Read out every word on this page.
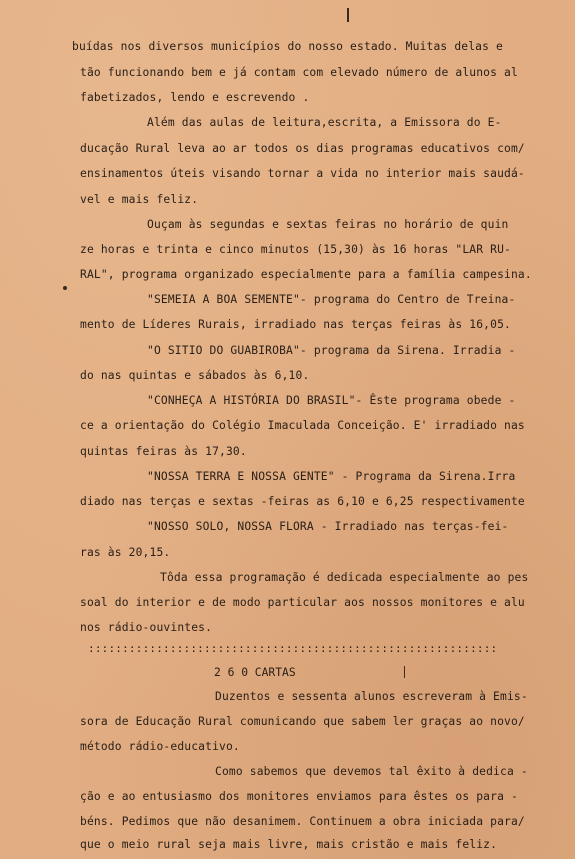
buídas nos diversos municípios do nosso estado. Muitas delas e
tão funcionando bem e já contam com elevado número de alunos al
fabetizados, lendo e escrevendo .
Além das aulas de leitura,escrita, a Emissora do E-
ducação Rural leva ao ar todos os dias programas educativos com/
ensinamentos úteis visando tornar a vida no interior mais saudá-
vel e mais feliz.
Ouçam às segundas e sextas feiras no horário de quin
ze horas e trinta e cinco minutos (15,30) às 16 horas "LAR RU-
RAL", programa organizado especialmente para a família campesina.
"SEMEIA A BOA SEMENTE"- programa do Centro de Treina-
mento de Líderes Rurais, irradiado nas terças feiras às 16,05.
"O SITIO DO GUABIROBA"- programa da Sirena. Irradia -
do nas quintas e sábados às 6,10.
"CONHEÇA A HISTÓRIA DO BRASIL"- Êste programa obede -
ce a orientação do Colégio Imaculada Conceição. E' irradiado nas
quintas feiras às 17,30.
"NOSSA TERRA E NOSSA GENTE" - Programa da Sirena.Irra
diado nas terças e sextas -feiras as 6,10 e 6,25 respectivamente
"NOSSO SOLO, NOSSA FLORA - Irradiado nas terças-fei-
ras às 20,15.
Tôda essa programação é dedicada especialmente ao pes
soal do interior e de modo particular aos nossos monitores e alu
nos rádio-ouvintes.
::::::::::::::::::::::::::::::::::::::::::::::::::::::::::::
2 6 0 CARTAS
Duzentos e sessenta alunos escreveram à Emis-
sora de Educação Rural comunicando que sabem ler graças ao novo/
método rádio-educativo.
Como sabemos que devemos tal êxito à dedica -
ção e ao entusiasmo dos monitores enviamos para êstes os para -
béns. Pedimos que não desanimem. Continuem a obra iniciada para/
que o meio rural seja mais livre, mais cristão e mais feliz.
